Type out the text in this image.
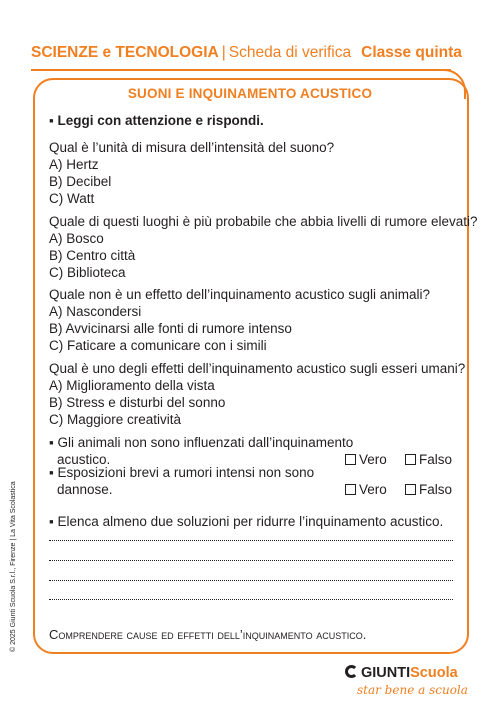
SCIENZE e TECNOLOGIA | Scheda di verifica Classe quinta
SUONI E INQUINAMENTO ACUSTICO
▪ Leggi con attenzione e rispondi.
Qual è l’unità di misura dell’intensità del suono?
A) Hertz
B) Decibel
C) Watt
Quale di questi luoghi è più probabile che abbia livelli di rumore elevati?
A) Bosco
B) Centro città
C) Biblioteca
Quale non è un effetto dell’inquinamento acustico sugli animali?
A) Nascondersi
B) Avvicinarsi alle fonti di rumore intenso
C) Faticare a comunicare con i simili
Qual è uno degli effetti dell’inquinamento acustico sugli esseri umani?
A) Miglioramento della vista
B) Stress e disturbi del sonno
C) Maggiore creatività
▪ Gli animali non sono influenzati dall’inquinamento
acustico.	Vero	Falso
▪ Esposizioni brevi a rumori intensi non sono
dannose.	Vero	Falso
▪ Elenca almeno due soluzioni per ridurre l’inquinamento acustico.
Comprendere cause ed effetti dell’inquinamento acustico.
© 2025 Giunti Scuola S.r.l., Firenze | La Vita Scolastica
GIUNTIScuola
star bene a scuola
